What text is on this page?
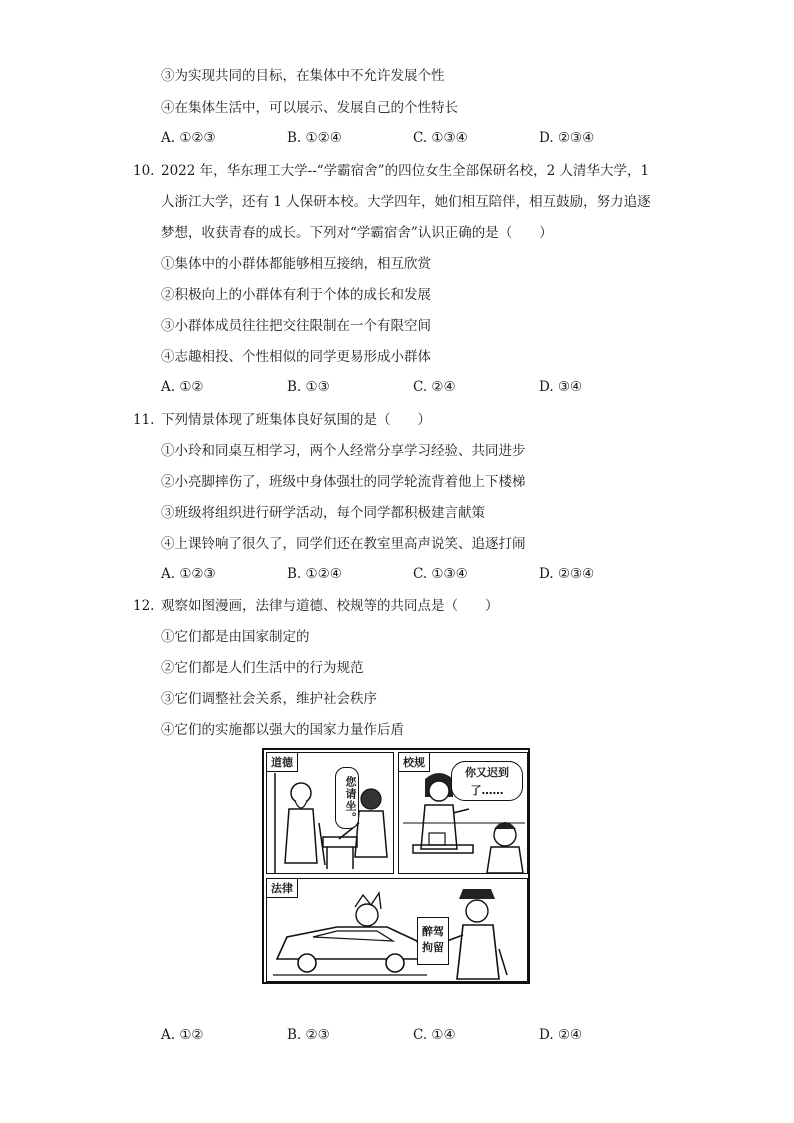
③为实现共同的目标，在集体中不允许发展个性
④在集体生活中，可以展示、发展自己的个性特长
A. ①②③	B. ①②④	C. ①③④	D. ②③④
10. 2022 年，华东理工大学--“学霸宿舍”的四位女生全部保研名校，2 人清华大学，1
人浙江大学，还有 1 人保研本校。大学四年，她们相互陪伴，相互鼓励，努力追逐
梦想，收获青春的成长。下列对“学霸宿舍”认识正确的是（　　）
①集体中的小群体都能够相互接纳，相互欣赏
②积极向上的小群体有利于个体的成长和发展
③小群体成员往往把交往限制在一个有限空间
④志趣相投、个性相似的同学更易形成小群体
A. ①②	B. ①③	C. ②④	D. ③④
11. 下列情景体现了班集体良好氛围的是（　　）
①小玲和同桌互相学习，两个人经常分享学习经验、共同进步
②小亮脚摔伤了，班级中身体强壮的同学轮流背着他上下楼梯
③班级将组织进行研学活动，每个同学都积极建言献策
④上课铃响了很久了，同学们还在教室里高声说笑、追逐打闹
A. ①②③	B. ①②④	C. ①③④	D. ②③④
12. 观察如图漫画，法律与道德、校规等的共同点是（　　）
①它们都是由国家制定的
②它们都是人们生活中的行为规范
③它们调整社会关系，维护社会秩序
④它们的实施都以强大的国家力量作后盾
道德
您请坐。
校规
你又迟到了……
法律
醉驾拘留
A. ①②	B. ②③	C. ①④	D. ②④
